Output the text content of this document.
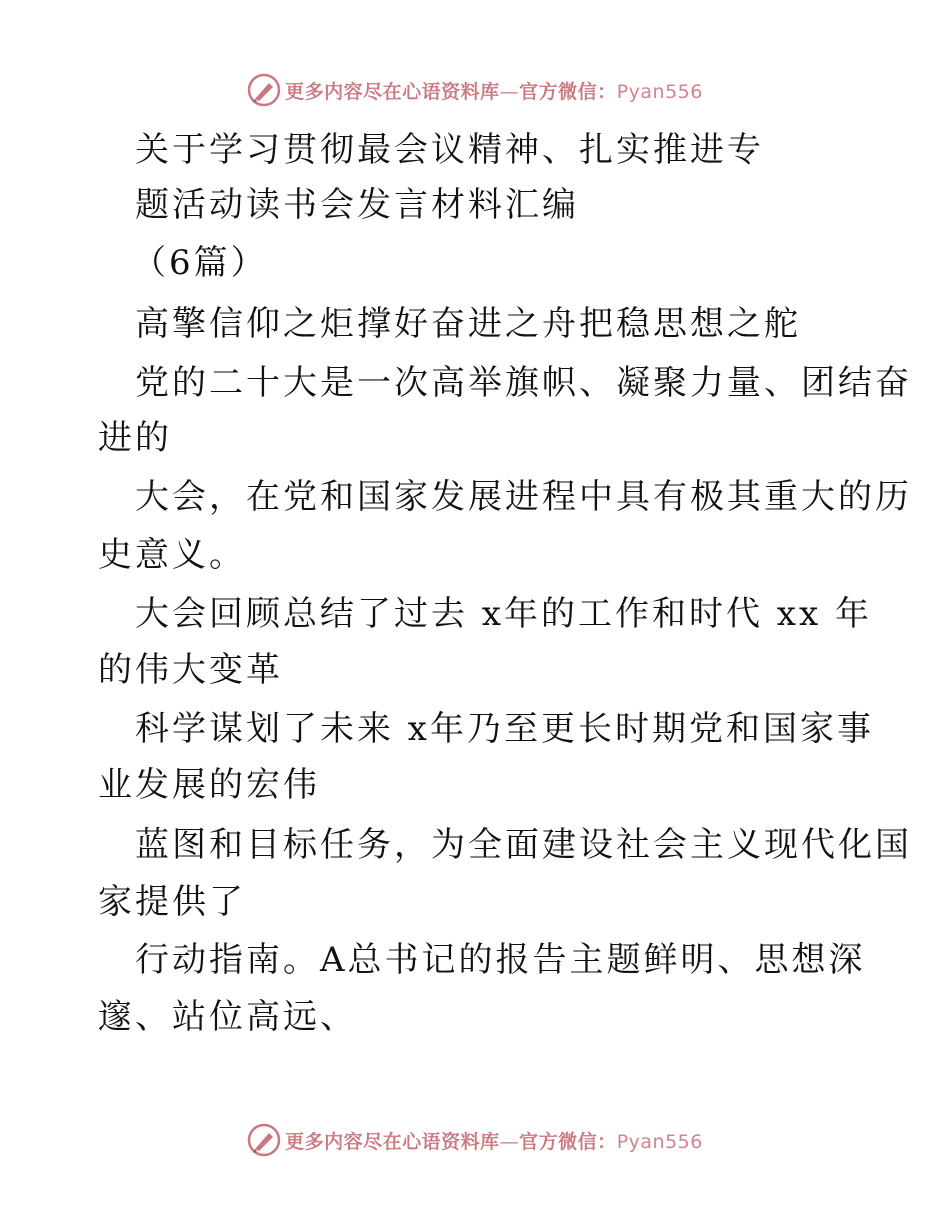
更多内容尽在心语资料库—官方微信：Pyan556
关于学习贯彻最会议精神、扎实推进专
题活动读书会发言材料汇编
（6篇）
高擎信仰之炬撑好奋进之舟把稳思想之舵
党的二十大是一次高举旗帜、凝聚力量、团结奋
进的
大会，在党和国家发展进程中具有极其重大的历
史意义。
大会回顾总结了过去 x年的工作和时代 xx 年
的伟大变革
科学谋划了未来 x年乃至更长时期党和国家事
业发展的宏伟
蓝图和目标任务，为全面建设社会主义现代化国
家提供了
行动指南。A总书记的报告主题鲜明、思想深
邃、站位高远、
更多内容尽在心语资料库—官方微信：Pyan556
